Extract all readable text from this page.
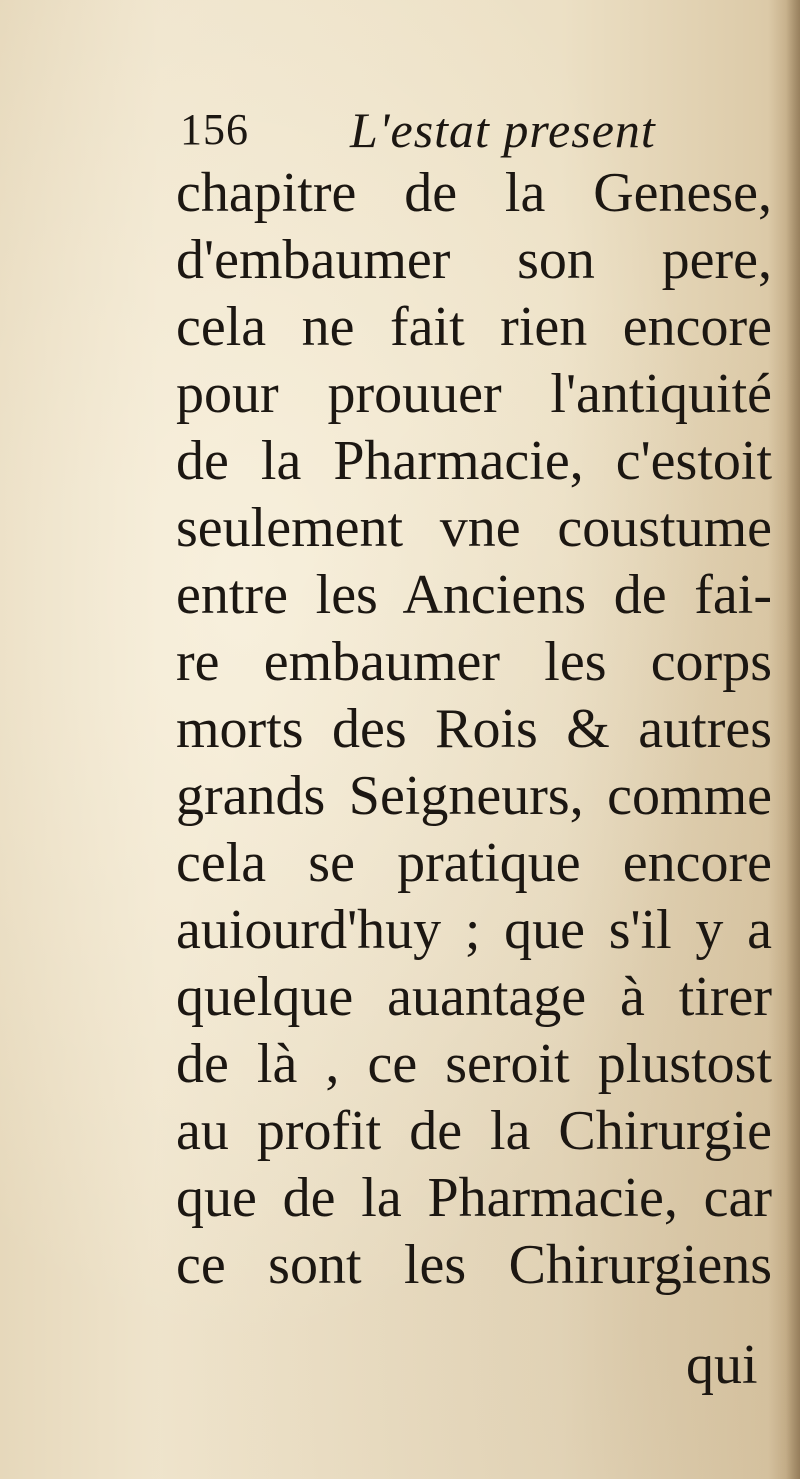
156 L'estat present
chapitre de la Genese,
d'embaumer son pere,
cela ne fait rien encore
pour prouuer l'antiquité
de la Pharmacie, c'estoit
seulement vne coustume
entre les Anciens de fai-
re embaumer les corps
morts des Rois & autres
grands Seigneurs, comme
cela se pratique encore
auiourd'huy ; que s'il y a
quelque auantage à tirer
de là , ce seroit plustost
au profit de la Chirurgie
que de la Pharmacie, car
ce sont les Chirurgiens
qui
